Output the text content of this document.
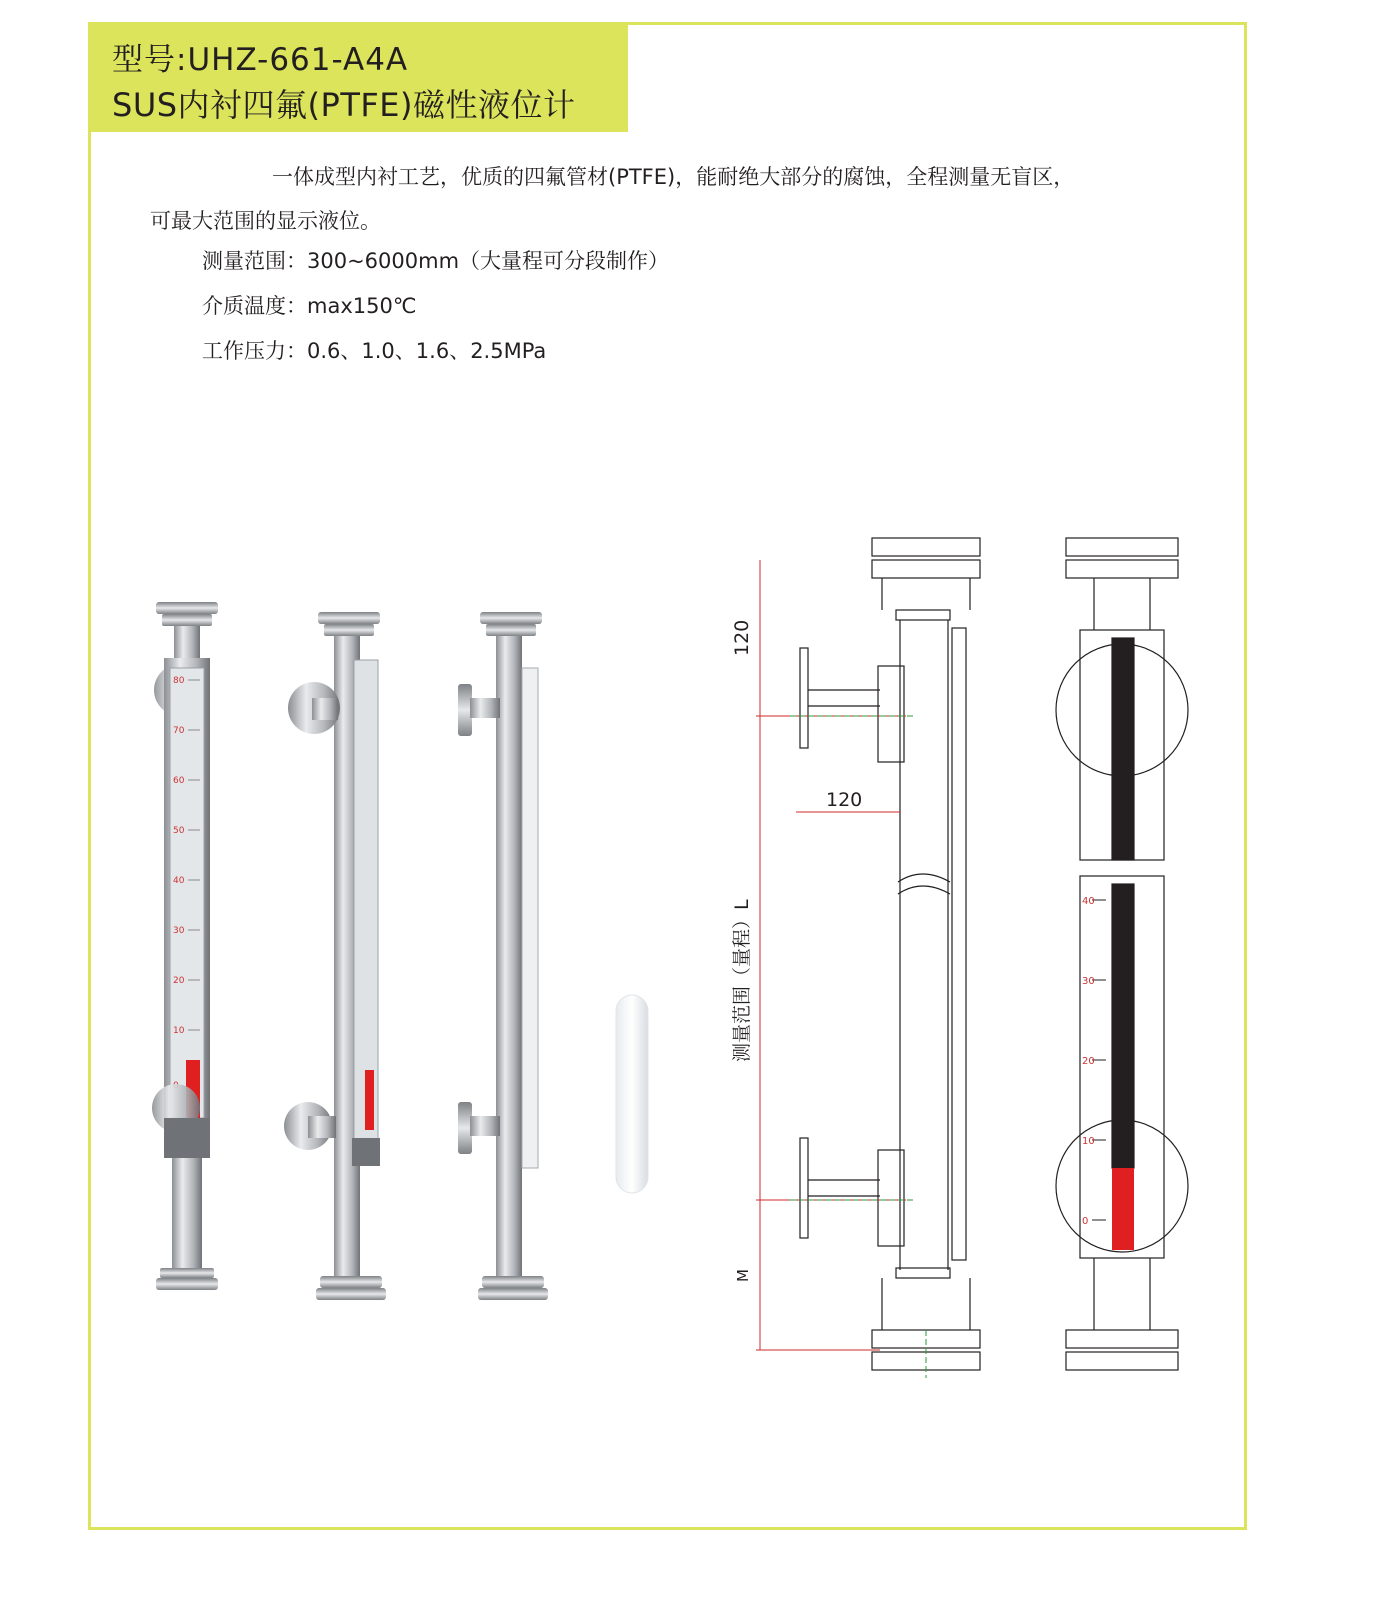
型号:UHZ-661-A4A
SUS内衬四氟(PTFE)磁性液位计
一体成型内衬工艺，优质的四氟管材(PTFE)，能耐绝大部分的腐蚀，全程测量无盲区，
可最大范围的显示液位。
测量范围：300~6000mm（大量程可分段制作）
介质温度：max150℃
工作压力：0.6、1.0、1.6、2.5MPa
80
70
60
50
40
30
20
10
40
30
20
10
0
120
120
测量范围（量程）L
M
